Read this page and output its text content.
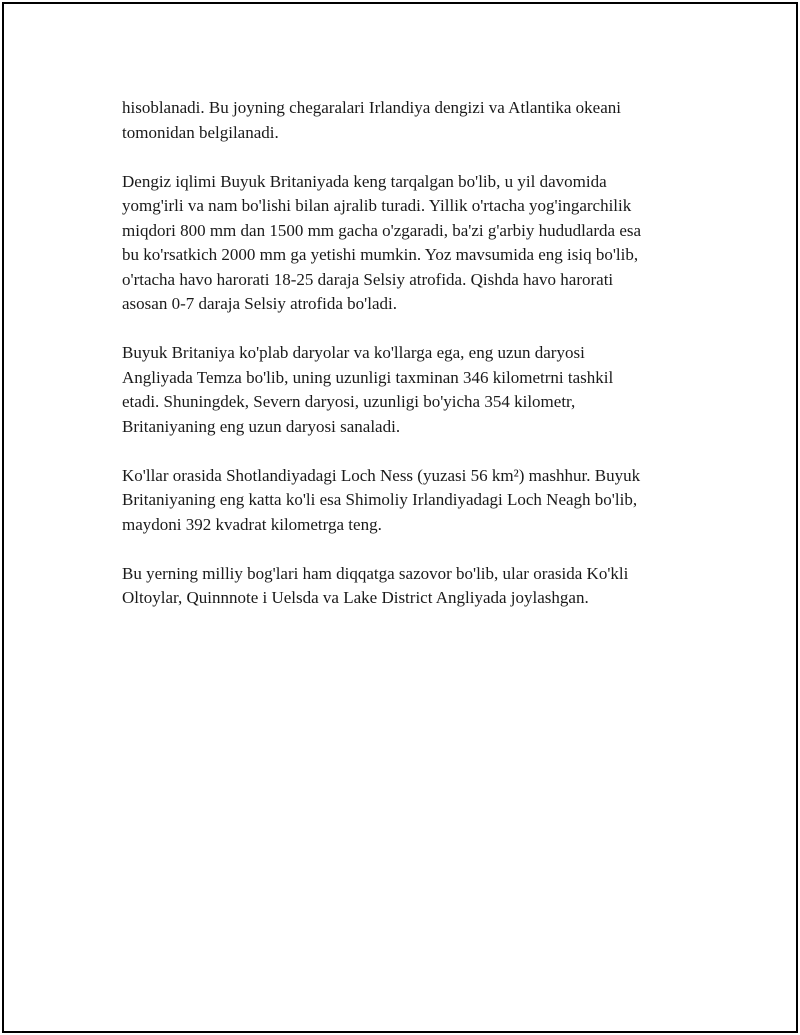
hisoblanadi. Bu joyning chegaralari Irlandiya dengizi va Atlantika okeani
tomonidan belgilanadi.

Dengiz iqlimi Buyuk Britaniyada keng tarqalgan bo'lib, u yil davomida
yomg'irli va nam bo'lishi bilan ajralib turadi. Yillik o'rtacha yog'ingarchilik
miqdori 800 mm dan 1500 mm gacha o'zgaradi, ba'zi g'arbiy hududlarda esa
bu ko'rsatkich 2000 mm ga yetishi mumkin. Yoz mavsumida eng isiq bo'lib,
o'rtacha havo harorati 18-25 daraja Selsiy atrofida. Qishda havo harorati
asosan 0-7 daraja Selsiy atrofida bo'ladi.

Buyuk Britaniya ko'plab daryolar va ko'llarga ega, eng uzun daryosi
Angliyada Temza bo'lib, uning uzunligi taxminan 346 kilometrni tashkil
etadi. Shuningdek, Severn daryosi, uzunligi bo'yicha 354 kilometr,
Britaniyaning eng uzun daryosi sanaladi.

Ko'llar orasida Shotlandiyadagi Loch Ness (yuzasi 56 km²) mashhur. Buyuk
Britaniyaning eng katta ko'li esa Shimoliy Irlandiyadagi Loch Neagh bo'lib,
maydoni 392 kvadrat kilometrga teng.

Bu yerning milliy bog'lari ham diqqatga sazovor bo'lib, ular orasida Ko'kli
Oltoylar, Quinnnote i Uelsda va Lake District Angliyada joylashgan.
